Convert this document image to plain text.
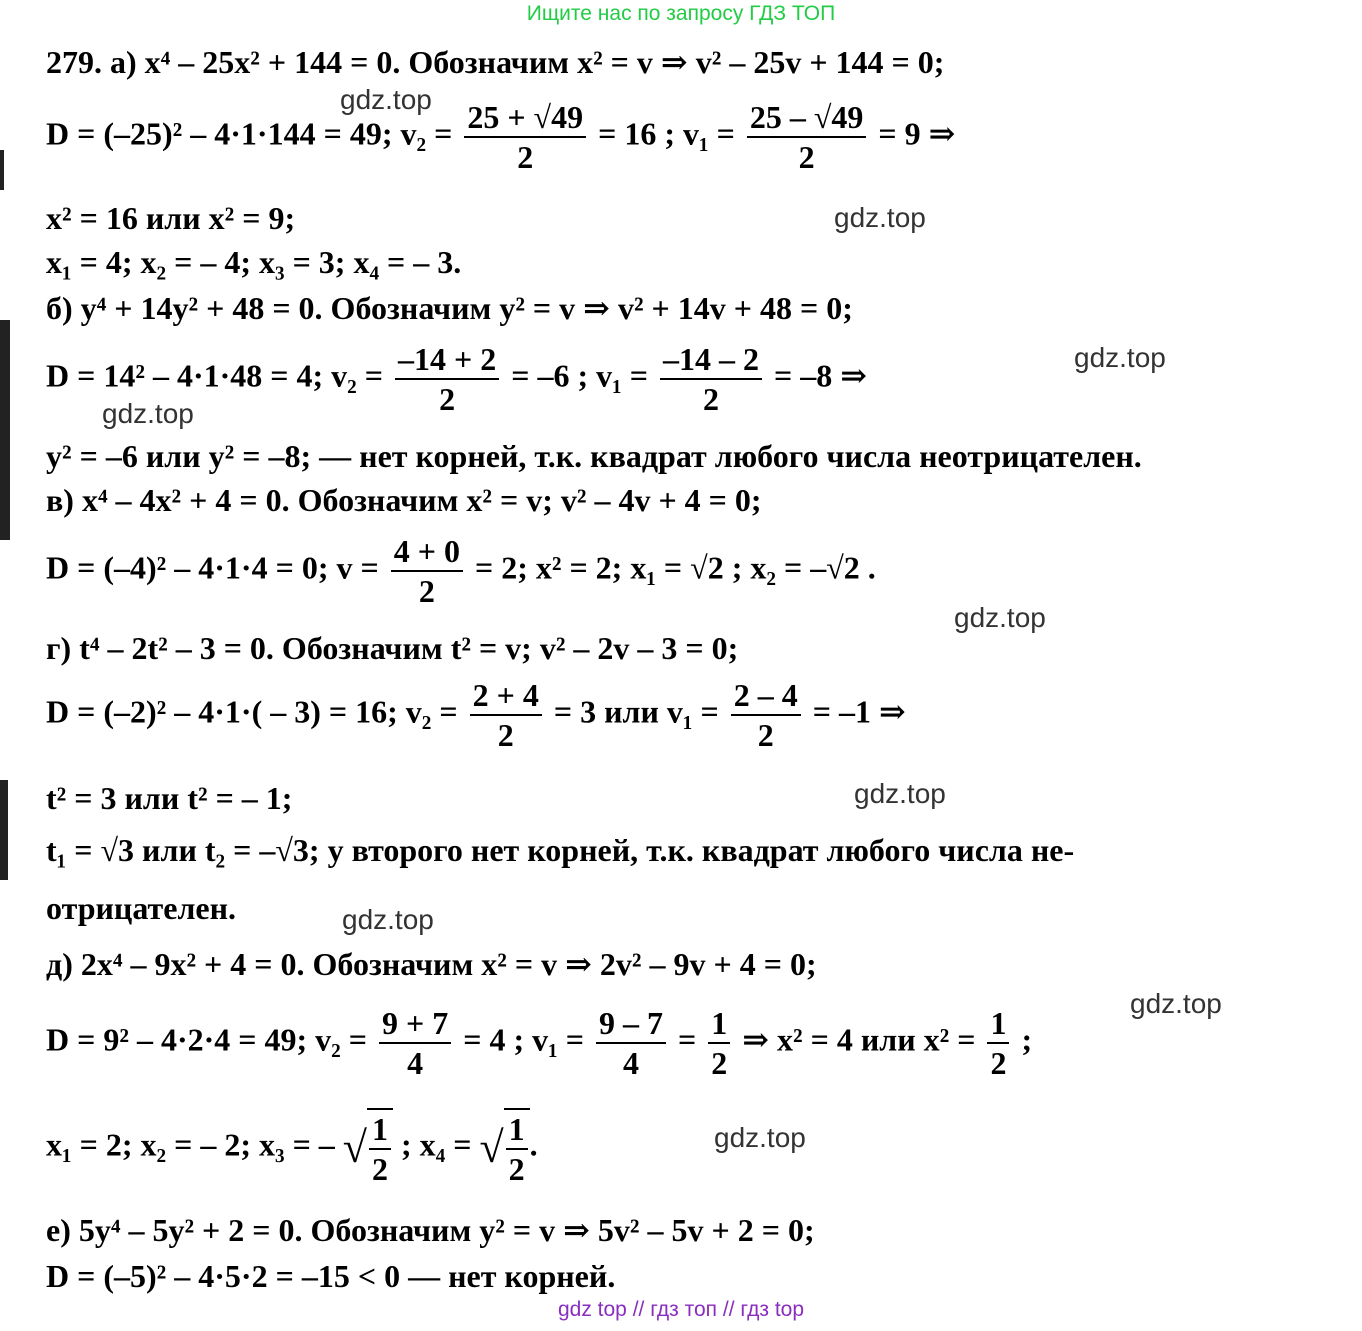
Ищите нас по запросу ГДЗ ТОП
279. а) x⁴ – 25x² + 144 = 0. Обозначим x² = v ⇒ v² – 25v + 144 = 0;
gdz.top
D = (–25)² – 4·1·144 = 49; $v_2 = \frac{25 + √49}{2} = 16$ ; $v_1 = \frac{25 - √49}{2} = 9$ ⇒
x² = 16 или x² = 9;	gdz.top
x₁ = 4; x₂ = – 4; x₃ = 3; x₄ = – 3.
б) y⁴ + 14y² + 48 = 0. Обозначим y² = v ⇒ v² + 14v + 48 = 0;
gdz.top
D = 14² – 4·1·48 = 4; $v_2 = \frac{-14 + 2}{2} = -6$ ; $v_1 = \frac{-14 - 2}{2} = -8$ ⇒
gdz.top
y² = –6 или y² = –8; — нет корней, т.к. квадрат любого числа неотрицателен.
в) x⁴ – 4x² + 4 = 0. Обозначим x² = v; v² – 4v + 4 = 0;
D = (–4)² – 4·1·4 = 0; $v = \frac{4 + 0}{2} = 2$; x² = 2; x₁ = √2 ; x₂ = –√2 .
gdz.top
г) t⁴ – 2t² – 3 = 0. Обозначим t² = v; v² – 2v – 3 = 0;
D = (–2)² – 4·1·( – 3) = 16; $v_2 = \frac{2 + 4}{2} = 3$ или $v_1 = \frac{2 - 4}{2} = -1$ ⇒
t² = 3 или t² = – 1;	gdz.top
t₁ = √3 или t₂ = –√3; у второго нет корней, т.к. квадрат любого числа не-
отрицателен.	gdz.top
д) 2x⁴ – 9x² + 4 = 0. Обозначим x² = v ⇒ 2v² – 9v + 4 = 0;
gdz.top
D = 9² – 4·2·4 = 49; $v_2 = \frac{9 + 7}{4} = 4$ ; $v_1 = \frac{9 - 7}{4} = \frac{1}{2}$ ⇒ x² = 4 или $x^2 = \frac{1}{2}$ ;
gdz.top
x₁ = 2; x₂ = – 2; x₃ = – √ $\frac{1}{2}$ ; x₄ = √ $\frac{1}{2}$ .
е) 5y⁴ – 5y² + 2 = 0. Обозначим y² = v ⇒ 5v² – 5v + 2 = 0;
D = (–5)² – 4·5·2 = –15 < 0 — нет корней.
gdz top // гдз топ // гдз top
